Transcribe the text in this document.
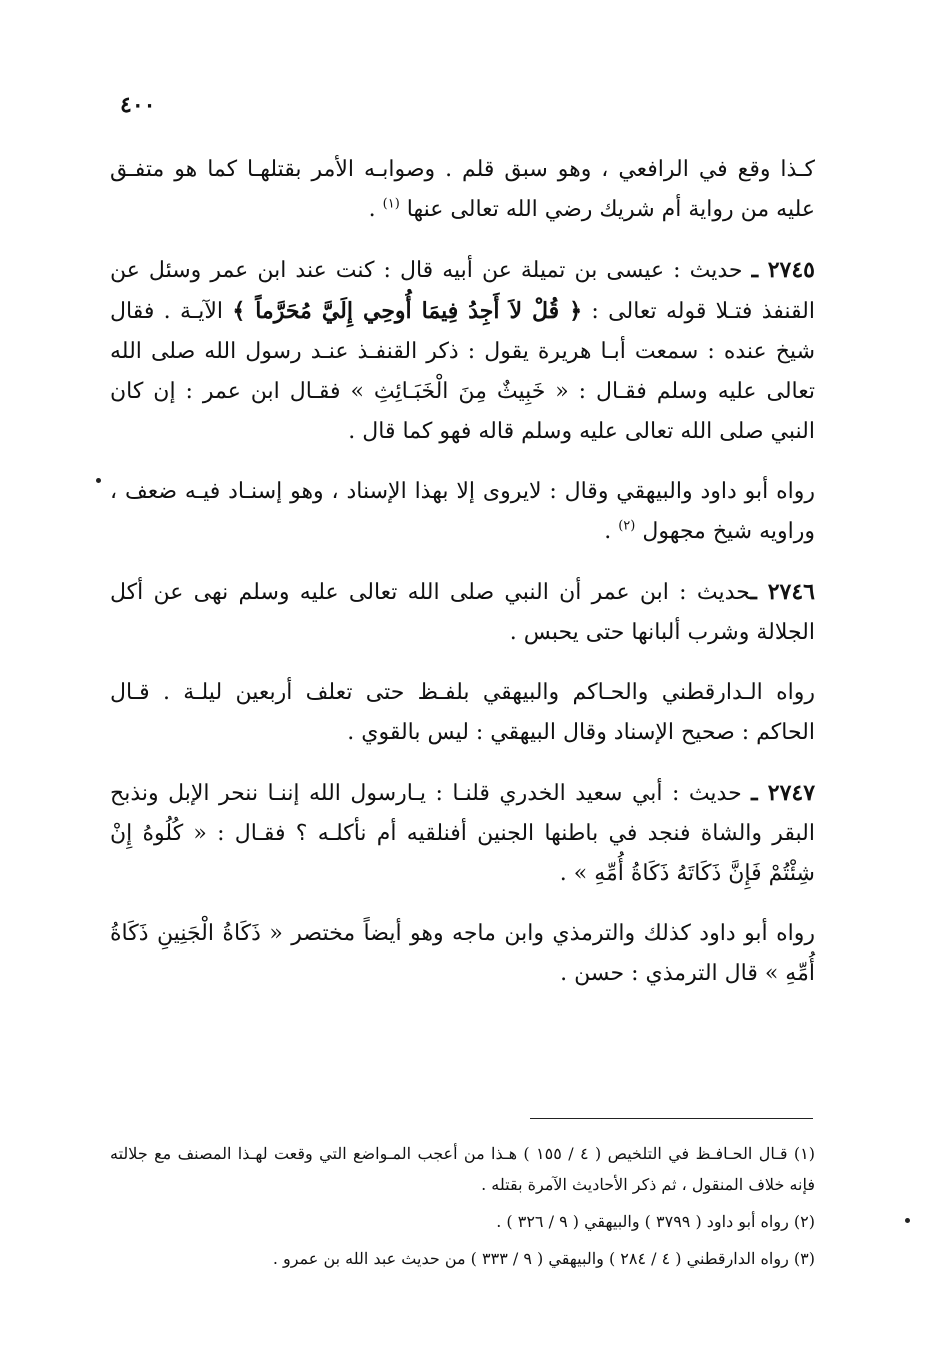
٤٠٠

كـذا وقع في الرافعي ، وهو سبق قلم . وصوابـه الأمر بقتلهـا كما هو متفـق عليه من رواية أم شريك رضي الله تعالى عنها $^{(١)}$ .

٢٧٤٥ ـ حديث : عيسى بن تميلة عن أبيه قال : كنت عند ابن عمر وسئل عن القنفذ فتـلا قوله تعالى : ﴿ قُلْ لاَ أَجِدُ فِيمَا أُوحِي إِلَيَّ مُحَرَّماً ﴾ الآيـة . فقال شيخ عنده : سمعت أبـا هريرة يقول : ذكر القنفـذ عنـد رسول الله صلى الله تعالى عليه وسلم فقـال : « خَبِيثٌ مِنَ الْخَبَـائِثِ » فقـال ابن عمر : إن كان النبي صلى الله تعالى عليه وسلم قاله فهو كما قال .

رواه أبو داود والبيهقي وقال : لايروى إلا بهذا الإسناد ، وهو إسنـاد فيـه ضعف ، وراويه شيخ مجهول $^{(٢)}$ .

٢٧٤٦ ـحديث : ابن عمر أن النبي صلى الله تعالى عليه وسلم نهى عن أكل الجلالة وشرب ألبانها حتى يحبس .

رواه الـدارقطني والحـاكم والبيهقي بلفـظ حتى تعلف أربعين ليلـة . قـال الحاكم : صحيح الإسناد وقال البيهقي : ليس بالقوي .

٢٧٤٧ ـ حديث : أبي سعيد الخدري قلنـا : يـارسول الله إننـا ننحر الإبل ونذبح البقر والشاة فنجد في باطنها الجنين أفنلقيه أم نأكلـه ؟ فقـال : « كُلُوهُ إِنْ شِئْتُمْ فَإِنَّ ذَكَاتَهُ ذَكَاةُ أُمِّهِ » .

رواه أبو داود كذلك والترمذي وابن ماجه وهو أيضاً مختصر « ذَكَاةُ الْجَنِينِ ذَكَاةُ أُمِّهِ » قال الترمذي : حسن .

(١) قـال الحـافـظ في التلخيص ( ٤ / ١٥٥ ) هـذا من أعجب المـواضع التي وقعت لهـذا المصنف مع جلالته فإنه خلاف المنقول ، ثم ذكر الأحاديث الآمرة بقتله .

(٢) رواه أبو داود ( ٣٧٩٩ ) والبيهقي ( ٩ / ٣٢٦ ) .

(٣) رواه الدارقطني ( ٤ / ٢٨٤ ) والبيهقي ( ٩ / ٣٣٣ ) من حديث عبد الله بن عمرو .
